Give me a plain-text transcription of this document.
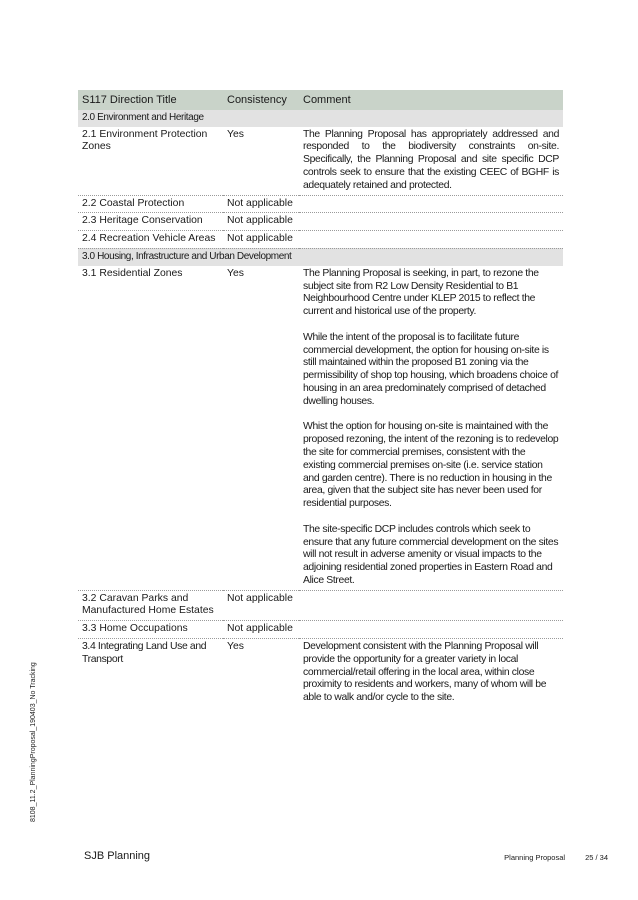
S117 Direction Title	Consistency	Comment
2.0 Environment and Heritage		
2.1 Environment Protection Zones	Yes	The Planning Proposal has appropriately addressed and responded to the biodiversity constraints on-site. Specifically, the Planning Proposal and site specific DCP controls seek to ensure that the existing CEEC of BGHF is adequately retained and protected.

2.2 Coastal Protection	Not applicable	
2.3 Heritage Conservation	Not applicable	
2.4 Recreation Vehicle Areas	Not applicable	
3.0 Housing, Infrastructure and Urban Development		
3.1 Residential Zones	Yes	The Planning Proposal is seeking, in part, to rezone the subject site from R2 Low Density Residential to B1 Neighbourhood Centre under KLEP 2015 to reflect the current and historical use of the property.

While the intent of the proposal is to facilitate future commercial development, the option for housing on-site is still maintained within the proposed B1 zoning via the permissibility of shop top housing, which broadens choice of housing in an area predominately comprised of detached dwelling houses.

Whist the option for housing on-site is maintained with the proposed rezoning, the intent of the rezoning is to redevelop the site for commercial premises, consistent with the existing commercial premises on-site (i.e. service station and garden centre). There is no reduction in housing in the area, given that the subject site has never been used for residential purposes.

The site-specific DCP includes controls which seek to ensure that any future commercial development on the sites will not result in adverse amenity or visual impacts to the adjoining residential zoned properties in Eastern Road and Alice Street.

3.2 Caravan Parks and Manufactured Home Estates	Not applicable	
3.3 Home Occupations	Not applicable	
3.4 Integrating Land Use and Transport	Yes	Development consistent with the Planning Proposal will provide the opportunity for a greater variety in local commercial/retail offering in the local area, within close proximity to residents and workers, many of whom will be able to walk and/or cycle to the site.

8108_11.2_PlanningProposal_190403_No Tracking
SJB Planning	Planning Proposal	25 / 34
